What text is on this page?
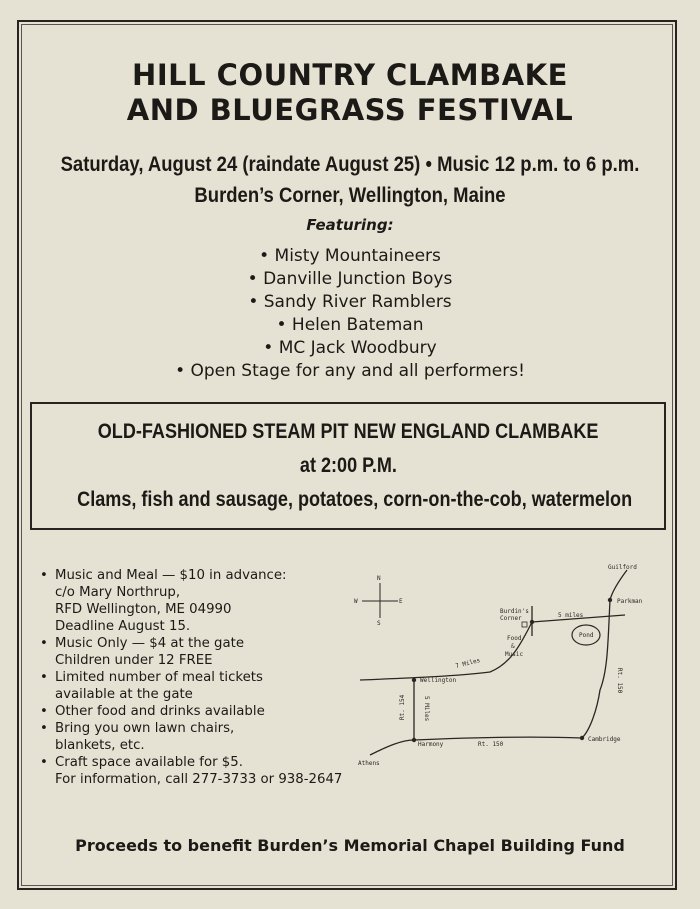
HILL COUNTRY CLAMBAKE
AND BLUEGRASS FESTIVAL
Saturday, August 24 (raindate August 25) • Music 12 p.m. to 6 p.m.
Burden’s Corner, Wellington, Maine
Featuring:
• Misty Mountaineers
• Danville Junction Boys
• Sandy River Ramblers
• Helen Bateman
• MC Jack Woodbury
• Open Stage for any and all performers!
OLD-FASHIONED STEAM PIT NEW ENGLAND CLAMBAKE
at 2:00 P.M.
Clams, fish and sausage, potatoes, corn-on-the-cob, watermelon
• Music and Meal — $10 in advance:
c/o Mary Northrup,
RFD Wellington, ME 04990
Deadline August 15.
• Music Only — $4 at the gate
Children under 12 FREE
• Limited number of meal tickets
available at the gate
• Other food and drinks available
• Bring you own lawn chairs,
blankets, etc.
• Craft space available for $5.
For information, call 277-3733 or 938-2647
N
S
E
W
Guilford
Parkman
Burdin's
Corner	5 miles
Pond
Food
&
Music
7 Miles
Wellington	Rt. 150
Rt. 154	5 Miles
Harmony	Rt. 150
Cambridge
Athens
Proceeds to benefit Burden’s Memorial Chapel Building Fund
